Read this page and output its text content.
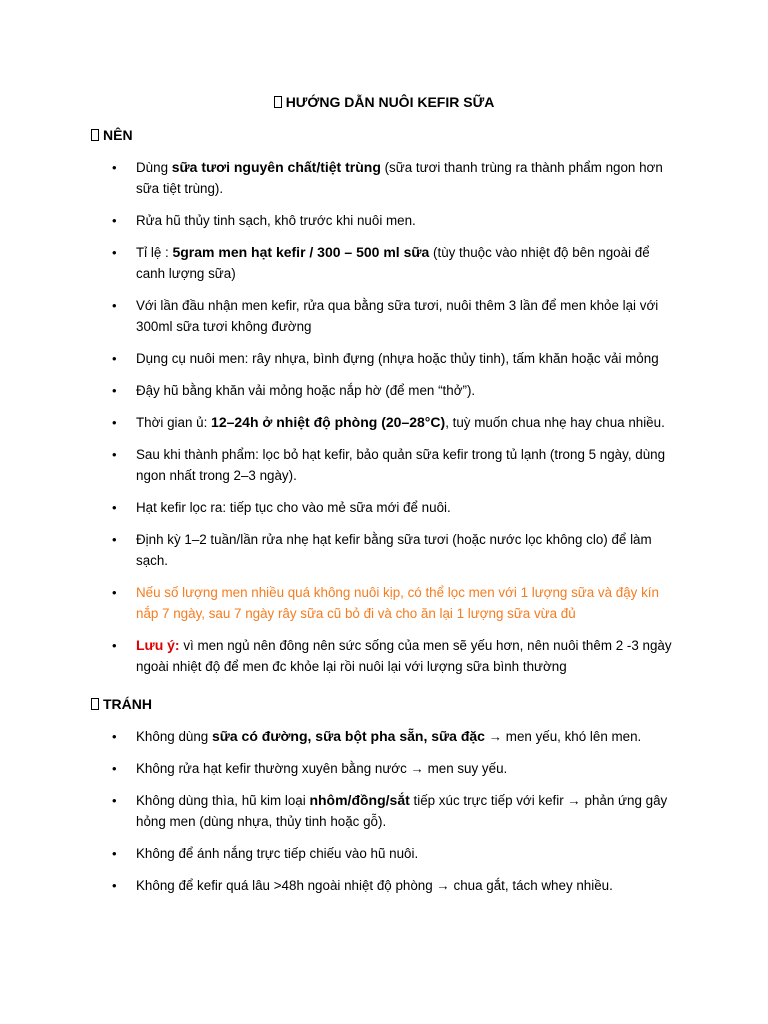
HƯỚNG DẪN NUÔI KEFIR SỮA
NÊN
• Dùng sữa tươi nguyên chất/tiệt trùng (sữa tươi thanh trùng ra thành phẩm ngon hơn sữa tiệt trùng).
• Rửa hũ thủy tinh sạch, khô trước khi nuôi men.
• Tỉ lệ : 5gram men hạt kefir / 300 – 500 ml sữa (tùy thuộc vào nhiệt độ bên ngoài để canh lượng sữa)
• Với lần đầu nhận men kefir, rửa qua bằng sữa tươi, nuôi thêm 3 lần để men khỏe lại với 300ml sữa tươi không đường
• Dụng cụ nuôi men: rây nhựa, bình đựng (nhựa hoặc thủy tinh), tấm khăn hoặc vải mỏng
• Đậy hũ bằng khăn vải mỏng hoặc nắp hờ (để men “thở”).
• Thời gian ủ: 12–24h ở nhiệt độ phòng (20–28°C), tuỳ muốn chua nhẹ hay chua nhiều.
• Sau khi thành phẩm: lọc bỏ hạt kefir, bảo quản sữa kefir trong tủ lạnh (trong 5 ngày, dùng ngon nhất trong 2–3 ngày).
• Hạt kefir lọc ra: tiếp tục cho vào mẻ sữa mới để nuôi.
• Định kỳ 1–2 tuần/lần rửa nhẹ hạt kefir bằng sữa tươi (hoặc nước lọc không clo) để làm sạch.
• Nếu số lượng men nhiều quá không nuôi kịp, có thể lọc men với 1 lượng sữa và đậy kín nắp 7 ngày, sau 7 ngày rây sữa cũ bỏ đi và cho ăn lại 1 lượng sữa vừa đủ
• Lưu ý: vì men ngủ nên đông nên sức sống của men sẽ yếu hơn, nên nuôi thêm 2 -3 ngày ngoài nhiệt độ để men đc khỏe lại rồi nuôi lại với lượng sữa bình thường
TRÁNH
• Không dùng sữa có đường, sữa bột pha sẵn, sữa đặc → men yếu, khó lên men.
• Không rửa hạt kefir thường xuyên bằng nước → men suy yếu.
• Không dùng thìa, hũ kim loại nhôm/đồng/sắt tiếp xúc trực tiếp với kefir → phản ứng gây hỏng men (dùng nhựa, thủy tinh hoặc gỗ).
• Không để ánh nắng trực tiếp chiếu vào hũ nuôi.
• Không để kefir quá lâu >48h ngoài nhiệt độ phòng → chua gắt, tách whey nhiều.
